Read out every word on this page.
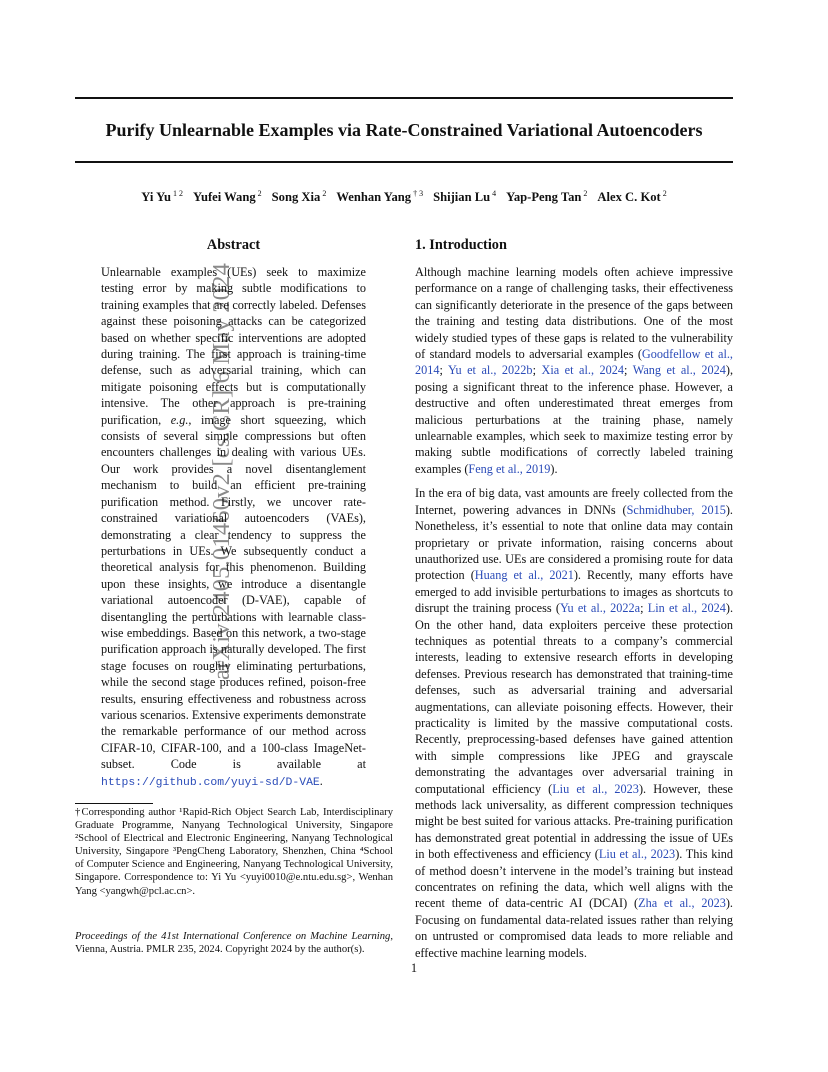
Purify Unlearnable Examples via Rate-Constrained Variational Autoencoders
Yi Yu $^{1 2}$ Yufei Wang $^2$ Song Xia $^2$ Wenhan Yang $^{\dagger 3}$ Shijian Lu $^4$ Yap-Peng Tan $^2$ Alex C. Kot $^2$
arXiv:2405.01460v2 [cs.CR] 6 May 2024
Abstract

Unlearnable examples (UEs) seek to maximize testing error by making subtle modifications to training examples that are correctly labeled. Defenses against these poisoning attacks can be categorized based on whether specific interventions are adopted during training. The first approach is training-time defense, such as adversarial training, which can mitigate poisoning effects but is computationally intensive. The other approach is pre-training purification, e.g., image short squeezing, which consists of several simple compressions but often encounters challenges in dealing with various UEs. Our work provides a novel disentanglement mechanism to build an efficient pre-training purification method. Firstly, we uncover rate-constrained variational autoencoders (VAEs), demonstrating a clear tendency to suppress the perturbations in UEs. We subsequently conduct a theoretical analysis for this phenomenon. Building upon these insights, we introduce a disentangle variational autoencoder (D-VAE), capable of disentangling the perturbations with learnable class-wise embeddings. Based on this network, a two-stage purification approach is naturally developed. The first stage focuses on roughly eliminating perturbations, while the second stage produces refined, poison-free results, ensuring effectiveness and robustness across various scenarios. Extensive experiments demonstrate the remarkable performance of our method across CIFAR-10, CIFAR-100, and a 100-class ImageNet-subset. Code is available at https://github.com/yuyi-sd/D-VAE.

†Corresponding author ¹Rapid-Rich Object Search Lab, Interdisciplinary Graduate Programme, Nanyang Technological University, Singapore ²School of Electrical and Electronic Engineering, Nanyang Technological University, Singapore ³PengCheng Laboratory, Shenzhen, China ⁴School of Computer Science and Engineering, Nanyang Technological University, Singapore. Correspondence to: Yi Yu <yuyi0010@e.ntu.edu.sg>, Wenhan Yang <yangwh@pcl.ac.cn>.
Proceedings of the 41st International Conference on Machine Learning, Vienna, Austria. PMLR 235, 2024. Copyright 2024 by the author(s).
1. Introduction

Although machine learning models often achieve impressive performance on a range of challenging tasks, their effectiveness can significantly deteriorate in the presence of the gaps between the training and testing data distributions. One of the most widely studied types of these gaps is related to the vulnerability of standard models to adversarial examples (Goodfellow et al., 2014; Yu et al., 2022b; Xia et al., 2024; Wang et al., 2024), posing a significant threat to the inference phase. However, a destructive and often underestimated threat emerges from malicious perturbations at the training phase, namely unlearnable examples, which seek to maximize testing error by making subtle modifications of correctly labeled training examples (Feng et al., 2019).

In the era of big data, vast amounts are freely collected from the Internet, powering advances in DNNs (Schmidhuber, 2015). Nonetheless, it’s essential to note that online data may contain proprietary or private information, raising concerns about unauthorized use. UEs are considered a promising route for data protection (Huang et al., 2021). Recently, many efforts have emerged to add invisible perturbations to images as shortcuts to disrupt the training process (Yu et al., 2022a; Lin et al., 2024). On the other hand, data exploiters perceive these protection techniques as potential threats to a company’s commercial interests, leading to extensive research efforts in developing defenses. Previous research has demonstrated that training-time defenses, such as adversarial training and adversarial augmentations, can alleviate poisoning effects. However, their practicality is limited by the massive computational costs. Recently, preprocessing-based defenses have gained attention with simple compressions like JPEG and grayscale demonstrating the advantages over adversarial training in computational efficiency (Liu et al., 2023). However, these methods lack universality, as different compression techniques might be best suited for various attacks. Pre-training purification has demonstrated great potential in addressing the issue of UEs in both effectiveness and efficiency (Liu et al., 2023). This kind of method doesn’t intervene in the model’s training but instead concentrates on refining the data, which well aligns with the recent theme of data-centric AI (DCAI) (Zha et al., 2023). Focusing on fundamental data-related issues rather than relying on untrusted or compromised data leads to more reliable and effective machine learning models.

1
